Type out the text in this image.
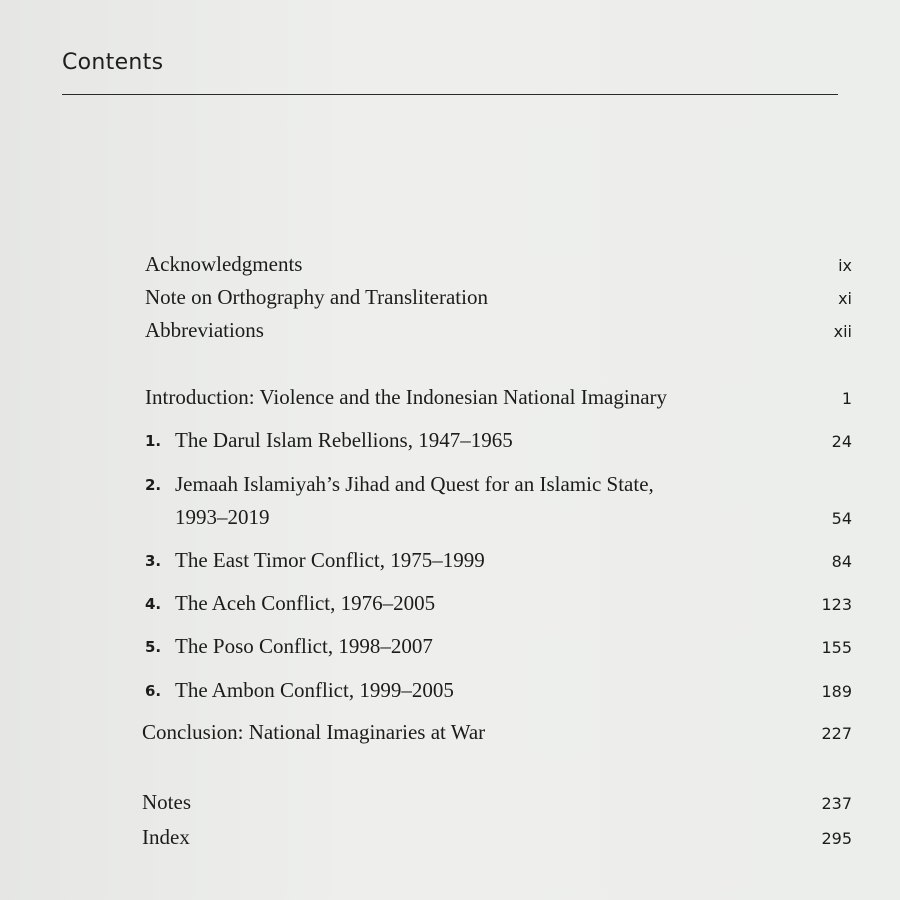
Contents
Acknowledgments	ix
Note on Orthography and Transliteration	xi
Abbreviations	xii
Introduction: Violence and the Indonesian National Imaginary	1
1. The Darul Islam Rebellions, 1947–1965	24
2. Jemaah Islamiyah’s Jihad and Quest for an Islamic State,
1993–2019	54
3. The East Timor Conflict, 1975–1999	84
4. The Aceh Conflict, 1976–2005	123
5. The Poso Conflict, 1998–2007	155
6. The Ambon Conflict, 1999–2005	189
Conclusion: National Imaginaries at War	227
Notes	237
Index	295
